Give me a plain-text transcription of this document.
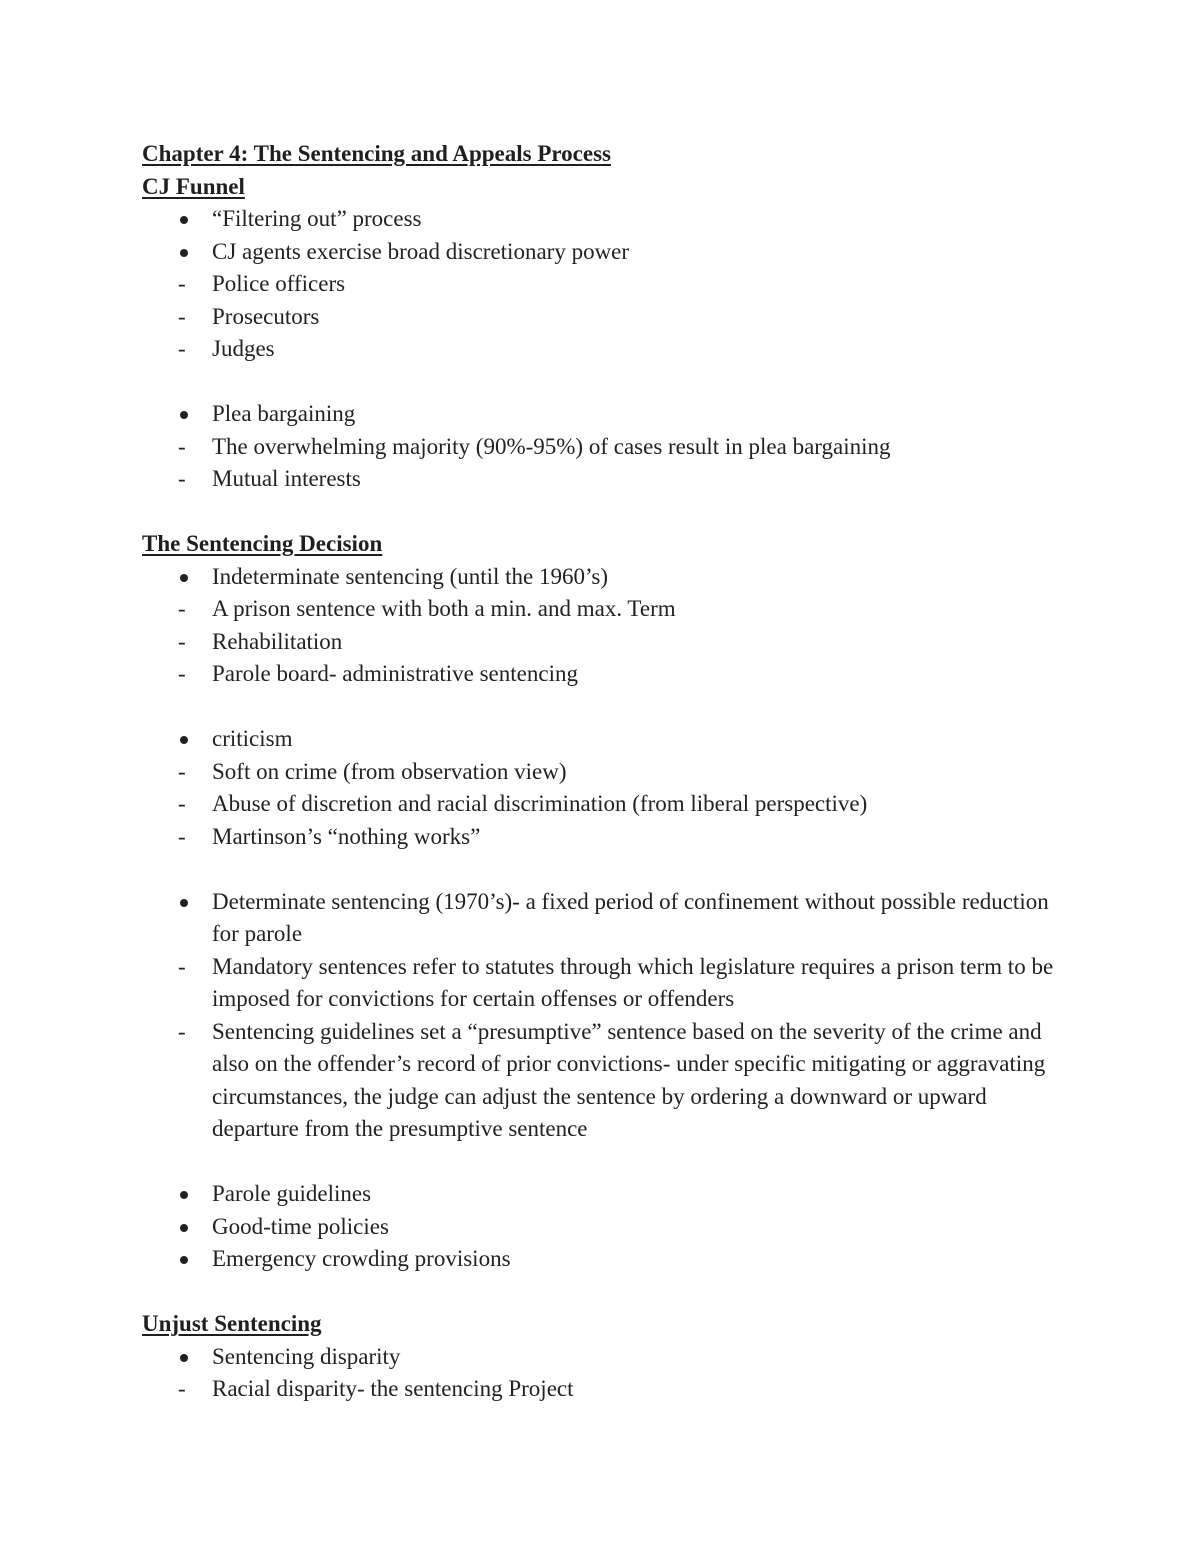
Chapter 4: The Sentencing and Appeals Process
CJ Funnel
“Filtering out” process
CJ agents exercise broad discretionary power
-	Police officers
-	Prosecutors
-	Judges
Plea bargaining
-	The overwhelming majority (90%-95%) of cases result in plea bargaining
-	Mutual interests
The Sentencing Decision
Indeterminate sentencing (until the 1960’s)
-	A prison sentence with both a min. and max. Term
-	Rehabilitation
-	Parole board- administrative sentencing
criticism
-	Soft on crime (from observation view)
-	Abuse of discretion and racial discrimination (from liberal perspective)
-	Martinson’s “nothing works”
Determinate sentencing (1970’s)- a fixed period of confinement without possible reduction for parole
-	Mandatory sentences refer to statutes through which legislature requires a prison term to be imposed for convictions for certain offenses or offenders
-	Sentencing guidelines set a “presumptive” sentence based on the severity of the crime and also on the offender’s record of prior convictions- under specific mitigating or aggravating circumstances, the judge can adjust the sentence by ordering a downward or upward departure from the presumptive sentence
Parole guidelines
Good-time policies
Emergency crowding provisions
Unjust Sentencing
Sentencing disparity
-	Racial disparity- the sentencing Project
